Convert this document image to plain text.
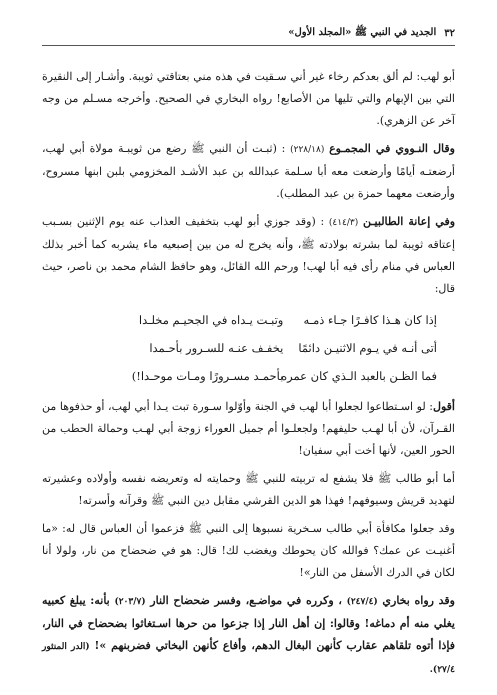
٣٢
الجديد في النبي ﷺ «المجلد الأول»

أبو لهب: لم ألق بعدكم رخاء غير أني سـقيت في هذه مني بعتاقتي ثويبة. وأشـار إلى النقيرة التي بين الإبهام والتي تليها من الأصابع! رواه البخاري في الصحيح. وأخرجه مسـلم من وجه آخر عن الزهري).

وقال النـووي في المجمـوع (٢٢٨/١٨) : (ثبـت أن النبي ﷺ رضع من ثويبـة مولاة أبي لهب، أرضعتـه أيامًا وأرضعت معه أبا سـلمة عبدالله بن عبد الأشـد المخزومي بلبن ابنها مسروح، وأرضعت معهما حمزة بن عبد المطلب).

وفي إعانة الطالبيـن (٤١٤/٣) : (وقد جوزي أبو لهب بتخفيف العذاب عنه يوم الإثنين بسـبب إعتاقه ثويبة لما بشرته بولادته ﷺ، وأنه يخرج له من بين إصبعيه ماء يشربه كما أخبر بذلك العباس في منام رأى فيه أبا لهب! ورحم الله القائل، وهو حافظ الشام محمد بن ناصر، حيث قال:

إذا كان هـذا كافـرًا جـاء ذمـه وتبـت يـداه في الجحيـم مخلـدا
أتى أنـه في يـوم الاثنيـن دائمًا يخفـف عنـه للسـرور بأحـمدا
فما الظـن بالعبد الـذي كان عمره بأحمـد مسـرورًا ومـات موحـدا!)

أقول: لو اسـتطاعوا لجعلوا أبا لهب في الجنة وأوّلوا سـورة تبت يـدا أبي لهب، أو حذفوها من القـرآن، لأن أبا لهـب حليفهم! ولجعلـوا أم جميل العوراء زوجة أبي لهـب وحمالة الحطب من الحور العين، لأنها أخت أبي سفيان!

أما أبو طالب ﷺ فلا يشفع له تربيته للنبي ﷺ وحمايته له وتعريضه نفسه وأولاده وعشيرته لتهديد قريش وسيوفهم! فهذا هو الدين القرشي مقابل دين النبي ﷺ وقرآنه وأسرته!

وقد جعلوا مكافأة أبي طالب سـخرية نسبوها إلى النبي ﷺ فزعموا أن العباس قال له: «ما أغنيـت عن عمك؟ فوالله كان يحوطك ويغضب لك! قال: هو في ضحضاح من نار، ولولا أنا لكان في الدرك الأسفل من النار»!

وقد رواه بخاري (٢٤٧/٤) ، وكرره في مواضـع، وفسر ضحضاح النار (٢٠٣/٧) بأنه: يبلغ كعبيه يغلي منه أم دماغه! وقالوا: إن أهل النار إذا جزعوا من حرها اسـتغاثوا بضحضاح في النار، فإذا أتوه تلقاهم عقارب كأنهن البغال الدهم، وأفاع كأنهن البخاتي فضربنهم »! (الدر المنثور ٢٧/٤).
